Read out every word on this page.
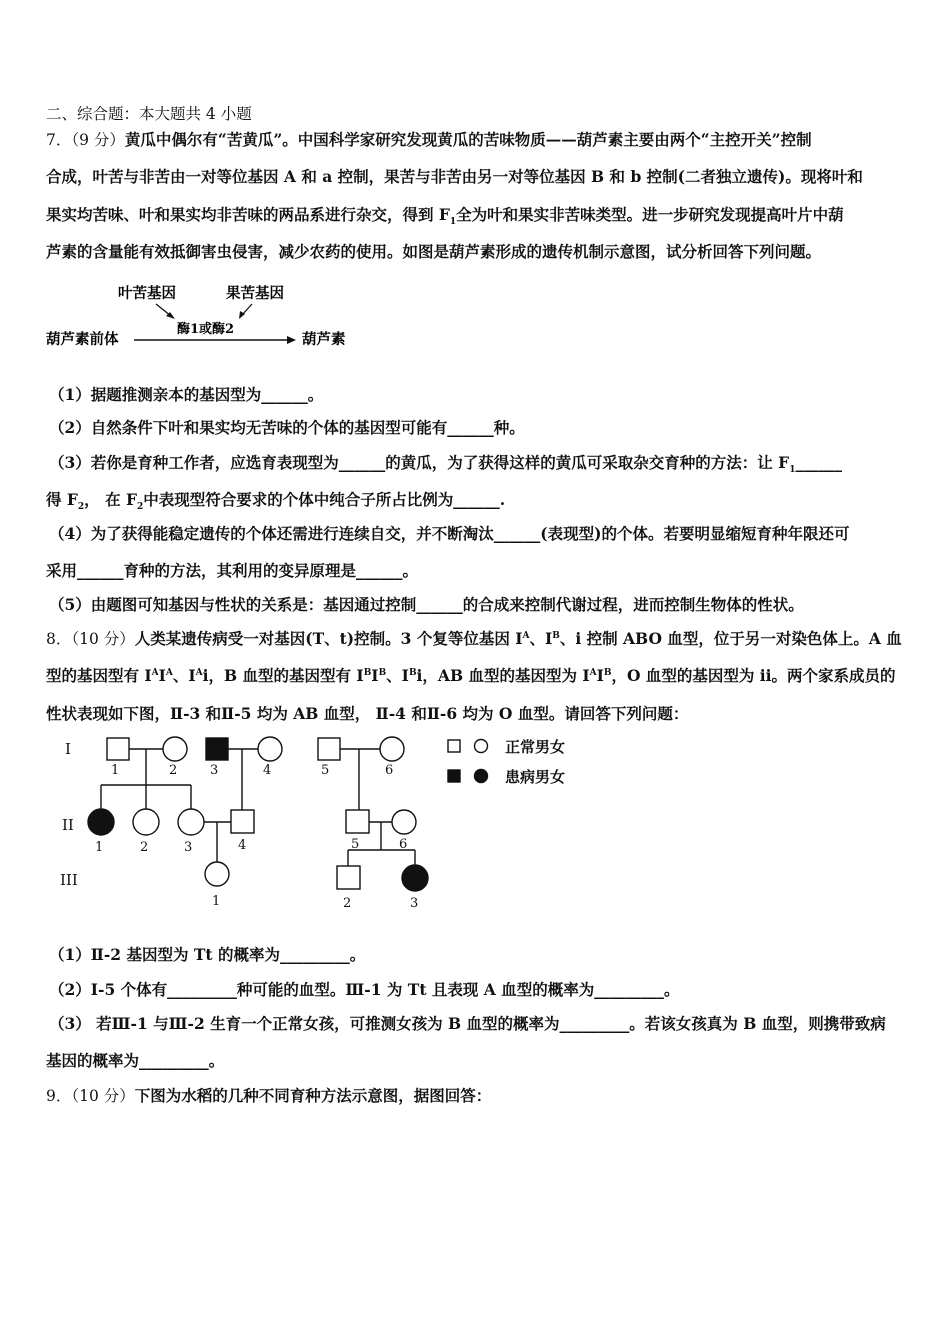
二、综合题：本大题共 4 小题
7．（9 分）黄瓜中偶尔有“苦黄瓜”。中国科学家研究发现黄瓜的苦味物质——葫芦素主要由两个“主控开关”控制
合成，叶苦与非苦由一对等位基因 A 和 a 控制，果苦与非苦由另一对等位基因 B 和 b 控制(二者独立遗传)。现将叶和
果实均苦味、叶和果实均非苦味的两品系进行杂交，得到 $F_1$全为叶和果实非苦味类型。进一步研究发现提高叶片中葫
芦素的含量能有效抵御害虫侵害，减少农药的使用。如图是葫芦素形成的遗传机制示意图，试分析回答下列问题。
叶苦基因	果苦基因
酶1或酶2
葫芦素前体	葫芦素
（1）据题推测亲本的基因型为______。
（2）自然条件下叶和果实均无苦味的个体的基因型可能有______种。
（3）若你是育种工作者，应选育表现型为______的黄瓜，为了获得这样的黄瓜可采取杂交育种的方法：让 $F_1\_\_\_\_\_\_$
得 $F_2$， 在 $F_2$中表现型符合要求的个体中纯合子所占比例为______.
（4）为了获得能稳定遗传的个体还需进行连续自交，并不断淘汰______(表现型)的个体。若要明显缩短育种年限还可
采用______育种的方法，其利用的变异原理是______。
（5）由题图可知基因与性状的关系是：基因通过控制______的合成来控制代谢过程，进而控制生物体的性状。
8．（10 分）人类某遗传病受一对基因(T、t)控制。3 个复等位基因 $I^A$、$I^B$、i 控制 ABO 血型，位于另一对染色体上。A 血
型的基因型有 $I^AI^A$、$I^Ai$，B 血型的基因型有 $I^BI^B$、$I^Bi$，AB 血型的基因型为 $I^AI^B$，O 血型的基因型为 ii。两个家系成员的
性状表现如下图，Ⅱ-3 和Ⅱ-5 均为 AB 血型， Ⅱ-4 和Ⅱ-6 均为 O 血型。请回答下列问题：
I
II
III
1	2	3	4	5	6
1	2	3	4	5	6
1	2	3
正常男女
患病男女
（1）Ⅱ-2 基因型为 Tt 的概率为_________。
（2）Ⅰ-5 个体有_________种可能的血型。Ⅲ-1 为 Tt 且表现 A 血型的概率为_________。
（3） 若Ⅲ-1 与Ⅲ-2 生育一个正常女孩，可推测女孩为 B 血型的概率为_________。若该女孩真为 B 血型，则携带致病
基因的概率为_________。
9．（10 分）下图为水稻的几种不同育种方法示意图，据图回答：
